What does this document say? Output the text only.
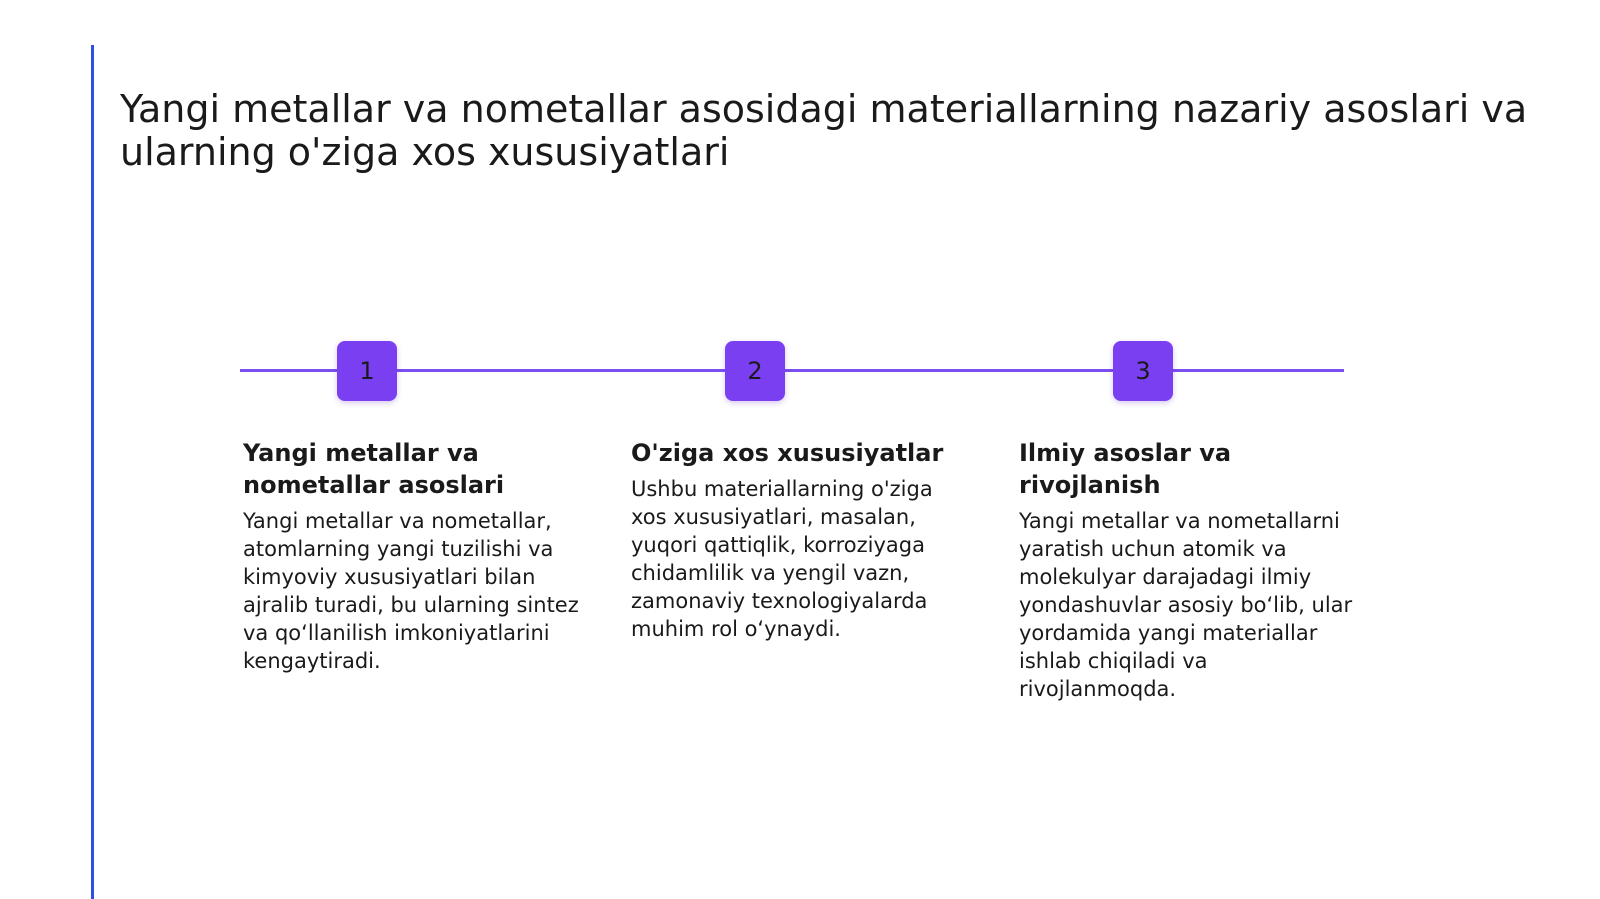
Yangi metallar va nometallar asosidagi materiallarning nazariy asoslari va ularning o'ziga xos xususiyatlari
1	2	3
Yangi metallar va nometallar asoslari

Yangi metallar va nometallar, atomlarning yangi tuzilishi va kimyoviy xususiyatlari bilan ajralib turadi, bu ularning sintez va qoʻllanilish imkoniyatlarini kengaytiradi.

O'ziga xos xususiyatlar

Ushbu materiallarning o'ziga xos xususiyatlari, masalan, yuqori qattiqlik, korroziyaga chidamlilik va yengil vazn, zamonaviy texnologiyalarda muhim rol oʻynaydi.

Ilmiy asoslar va rivojlanish

Yangi metallar va nometallarni yaratish uchun atomik va molekulyar darajadagi ilmiy yondashuvlar asosiy boʻlib, ular yordamida yangi materiallar ishlab chiqiladi va rivojlanmoqda.
